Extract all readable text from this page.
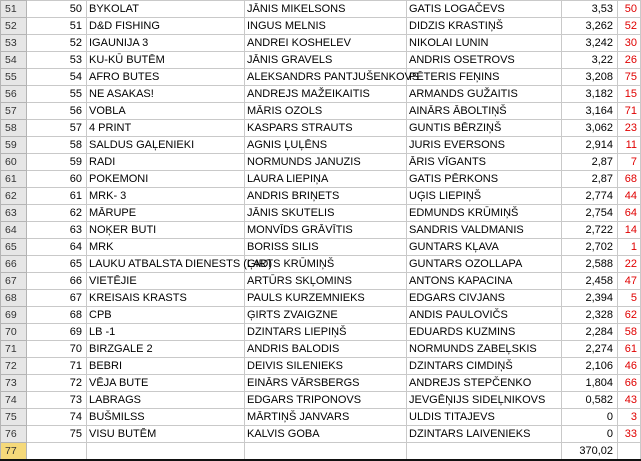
51	50	BYKOLAT	JĀNIS MIKELSONS	GATIS LOGAČEVS	3,53	50
52	51	D&D FISHING	INGUS MELNIS	DIDZIS KRASTIŅŠ	3,262	52
53	52	IGAUNIJA 3	ANDREI KOSHELEV	NIKOLAI LUNIN	3,242	30
54	53	KU-KŪ BUTĒM	JĀNIS GRAVELS	ANDRIS OSETROVS	3,22	26
55	54	AFRO BUTES	ALEKSANDRS PANTJUŠENKOVS	PĒTERIS FEŅINS	3,208	75
56	55	NE ASAKAS!	ANDREJS MAŽEIKAITIS	ARMANDS GUŽAITIS	3,182	15
57	56	VOBLA	MĀRIS OZOLS	AINĀRS ĀBOLTIŅŠ	3,164	71
58	57	4 PRINT	KASPARS STRAUTS	GUNTIS BĒRZIŅŠ	3,062	23
59	58	SALDUS GAĻENIEKI	AGNIS ĻUĻĒNS	JURIS EVERSONS	2,914	11
60	59	RADI	NORMUNDS JANUZIS	ĀRIS VĪGANTS	2,87	7
61	60	POKEMONI	LAURA LIEPIŅA	GATIS PĒRKONS	2,87	68
62	61	MRK- 3	ANDRIS BRIŅETS	UĢIS LIEPIŅŠ	2,774	44
63	62	MĀRUPE	JĀNIS SKUTELIS	EDMUNDS KRŪMIŅŠ	2,754	64
64	63	NOĶER BUTI	MONVĪDS GRĀVĪTIS	SANDRIS VALDMANIS	2,722	14
65	64	MRK	BORISS SILIS	GUNTARS KĻAVA	2,702	1
66	65	LAUKU ATBALSTA DIENESTS (LAD)	ĢIRTS KRŪMIŅŠ	GUNTARS OZOLLAPA	2,588	22
67	66	VIETĒJIE	ARTŪRS SKĻOMINS	ANTONS KAPACINA	2,458	47
68	67	KREISAIS KRASTS	PAULS KURZEMNIEKS	EDGARS CIVJANS	2,394	5
69	68	CPB	ĢIRTS ZVAIGZNE	ANDIS PAULOVIČS	2,328	62
70	69	LB -1	DZINTARS LIEPIŅŠ	EDUARDS KUZMINS	2,284	58
71	70	BIRZGALE 2	ANDRIS BALODIS	NORMUNDS ZABEĻSKIS	2,274	61
72	71	BEBRI	DEIVIS SILENIEKS	DZINTARS CIMDIŅŠ	2,106	46
73	72	VĒJA BUTE	EINĀRS VĀRSBERGS	ANDREJS STEPČENKO	1,804	66
74	73	LABRAGS	EDGARS TRIPONOVS	JEVGĒŅIJS SIDEĻNIKOVS	0,582	43
75	74	BUŠMILSS	MĀRTIŅŠ JANVARS	ULDIS TITAJEVS	0	3
76	75	VISU BUTĒM	KALVIS GOBA	DZINTARS LAIVENIEKS	0	33
77					370,02	
